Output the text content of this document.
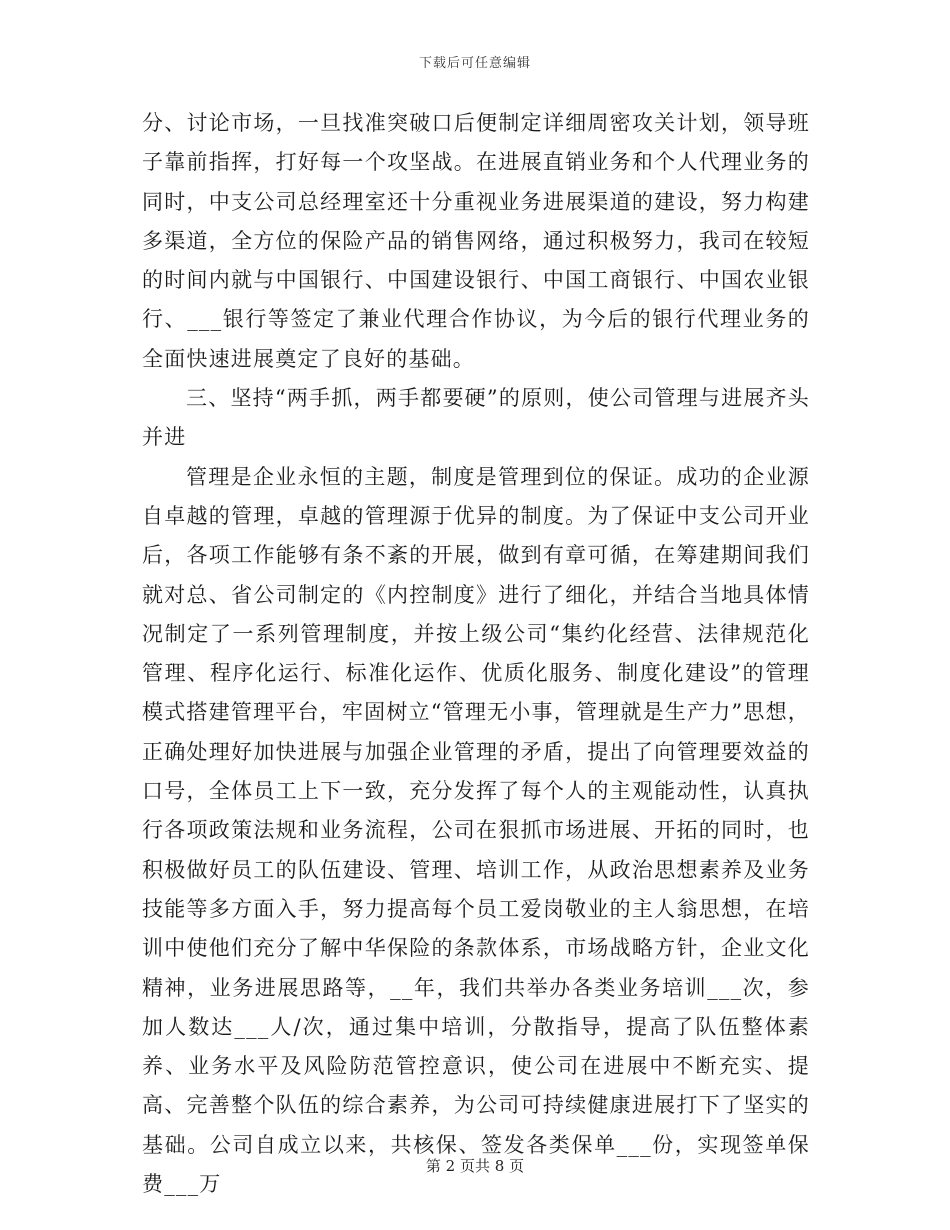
下载后可任意编辑

分、讨论市场，一旦找准突破口后便制定详细周密攻关计划，领导班子靠前指挥，打好每一个攻坚战。在进展直销业务和个人代理业务的同时，中支公司总经理室还十分重视业务进展渠道的建设，努力构建多渠道，全方位的保险产品的销售网络，通过积极努力，我司在较短的时间内就与中国银行、中国建设银行、中国工商银行、中国农业银行、___银行等签定了兼业代理合作协议，为今后的银行代理业务的全面快速进展奠定了良好的基础。

三、坚持“两手抓，两手都要硬”的原则，使公司管理与进展齐头并进

管理是企业永恒的主题，制度是管理到位的保证。成功的企业源自卓越的管理，卓越的管理源于优异的制度。为了保证中支公司开业后，各项工作能够有条不紊的开展，做到有章可循，在筹建期间我们就对总、省公司制定的《内控制度》进行了细化，并结合当地具体情况制定了一系列管理制度，并按上级公司“集约化经营、法律规范化管理、程序化运行、标准化运作、优质化服务、制度化建设”的管理模式搭建管理平台，牢固树立“管理无小事，管理就是生产力”思想，正确处理好加快进展与加强企业管理的矛盾，提出了向管理要效益的口号，全体员工上下一致，充分发挥了每个人的主观能动性，认真执行各项政策法规和业务流程，公司在狠抓市场进展、开拓的同时，也积极做好员工的队伍建设、管理、培训工作，从政治思想素养及业务技能等多方面入手，努力提高每个员工爱岗敬业的主人翁思想，在培训中使他们充分了解中华保险的条款体系，市场战略方针，企业文化精神，业务进展思路等，__年，我们共举办各类业务培训___次，参加人数达___人/次，通过集中培训，分散指导，提高了队伍整体素养、业务水平及风险防范管控意识，使公司在进展中不断充实、提高、完善整个队伍的综合素养，为公司可持续健康进展打下了坚实的基础。公司自成立以来，共核保、签发各类保单___份，实现签单保费___万

第 2 页共 8 页
